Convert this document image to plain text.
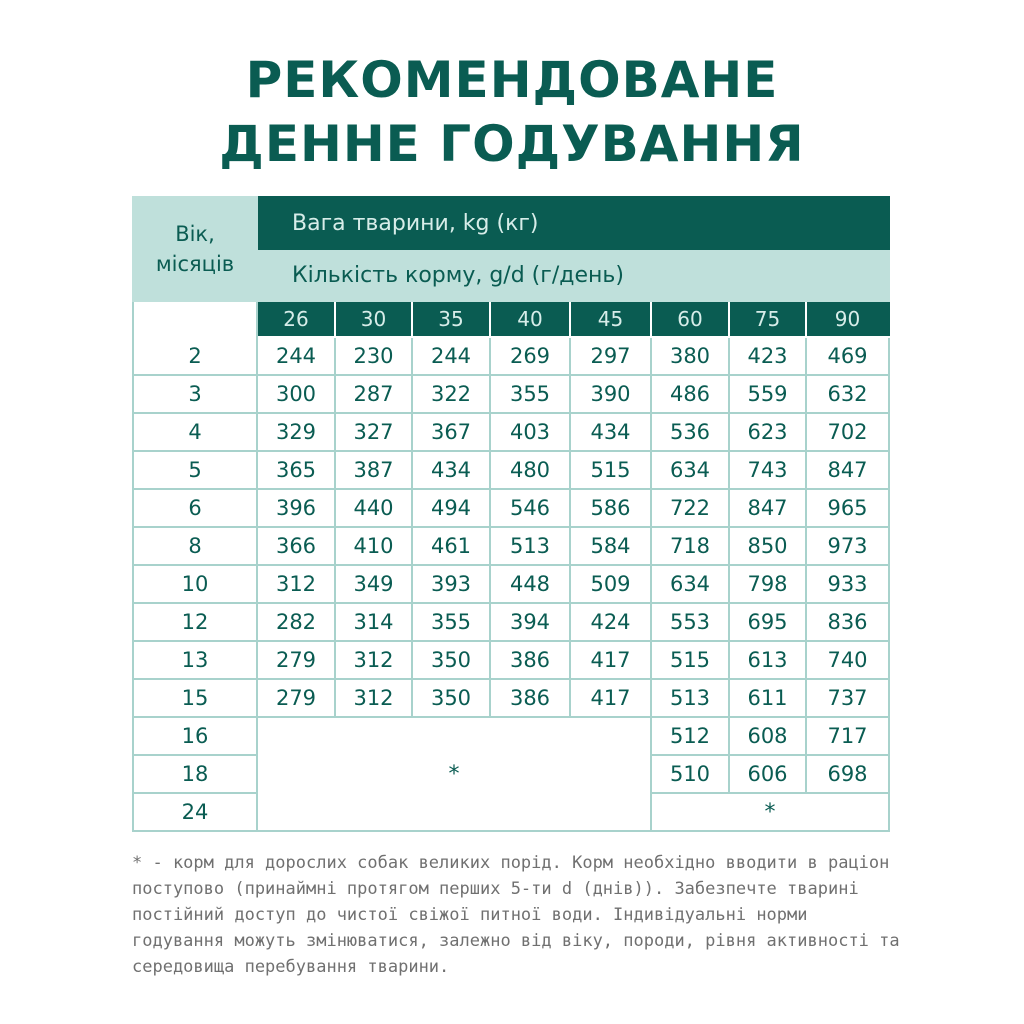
РЕКОМЕНДОВАНЕ
ДЕННЕ ГОДУВАННЯ
Вік,
місяців	Вага тварини, kg (кг)							
	Кількість корму, g/d (г/день)							
	26	30	35	40	45	60	75	90
2	244	230	244	269	297	380	423	469
3	300	287	322	355	390	486	559	632
4	329	327	367	403	434	536	623	702
5	365	387	434	480	515	634	743	847
6	396	440	494	546	586	722	847	965
8	366	410	461	513	584	718	850	973
10	312	349	393	448	509	634	798	933
12	282	314	355	394	424	553	695	836
13	279	312	350	386	417	515	613	740
15	279	312	350	386	417	513	611	737
16	*					512	608	717
18						510	606	698
24						*		
* - корм для дорослих собак великих порід. Корм необхідно вводити в раціон поступово (принаймні протягом перших 5-ти d (днів)). Забезпечте тварині постійний доступ до чистої свіжої питної води. Індивідуальні норми годування можуть змінюватися, залежно від віку, породи, рівня активності та середовища перебування тварини.
